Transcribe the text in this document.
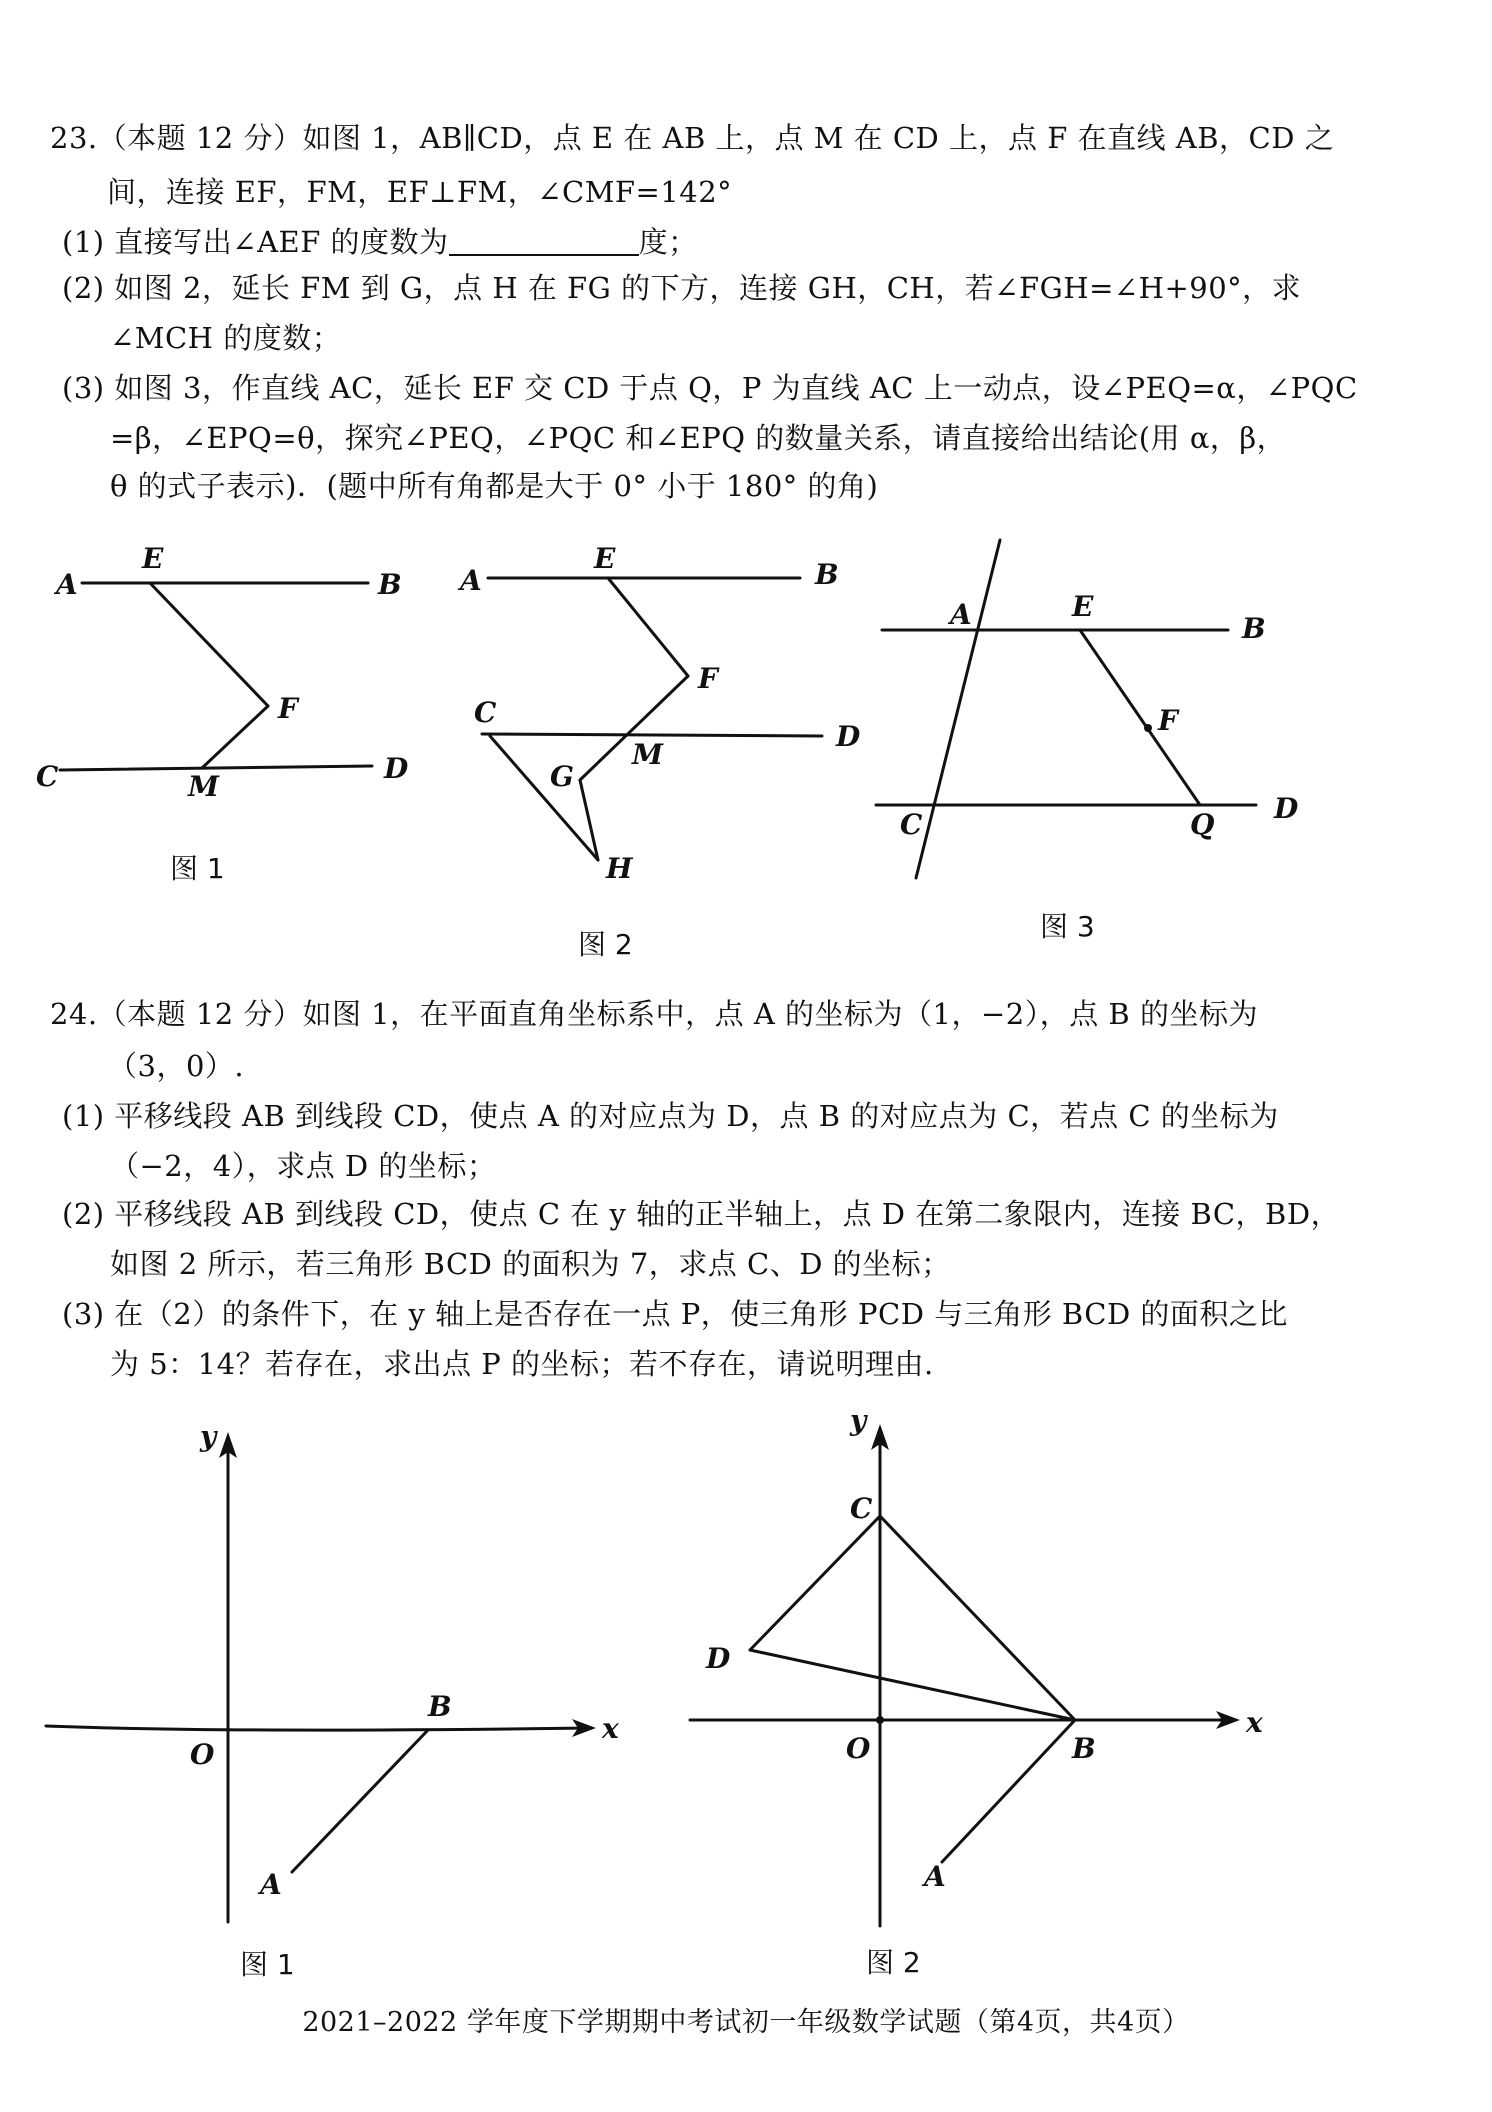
23.（本题 12 分）如图 1，AB∥CD，点 E 在 AB 上，点 M 在 CD 上，点 F 在直线 AB，CD 之
间，连接 EF，FM，EF⊥FM，∠CMF=142°
(1) 直接写出∠AEF 的度数为	度；
(2) 如图 2，延长 FM 到 G，点 H 在 FG 的下方，连接 GH，CH，若∠FGH=∠H+90°，求
∠MCH 的度数；
(3) 如图 3，作直线 AC，延长 EF 交 CD 于点 Q，P 为直线 AC 上一动点，设∠PEQ=α，∠PQC
=β，∠EPQ=θ，探究∠PEQ，∠PQC 和∠EPQ 的数量关系，请直接给出结论(用 α，β，
θ 的式子表示)．(题中所有角都是大于 0° 小于 180° 的角)
A
E
B
F
C	M
D
图 1
A
E	B
F
C
M
D
G
H
图 2
A	E
B
F
C	Q D
图 3
24.（本题 12 分）如图 1，在平面直角坐标系中，点 A 的坐标为（1，−2），点 B 的坐标为
（3，0）.
(1) 平移线段 AB 到线段 CD，使点 A 的对应点为 D，点 B 的对应点为 C，若点 C 的坐标为
（−2，4），求点 D 的坐标；
(2) 平移线段 AB 到线段 CD，使点 C 在 y 轴的正半轴上，点 D 在第二象限内，连接 BC，BD，
如图 2 所示，若三角形 BCD 的面积为 7，求点 C、D 的坐标；
(3) 在（2）的条件下，在 y 轴上是否存在一点 P，使三角形 PCD 与三角形 BCD 的面积之比
为 5：14？若存在，求出点 P 的坐标；若不存在，请说明理由.
y
x
O
B
A
图 1
y
x
C
D
O	B
A
图 2
2021–2022 学年度下学期期中考试初一年级数学试题（第4页，共4页）
